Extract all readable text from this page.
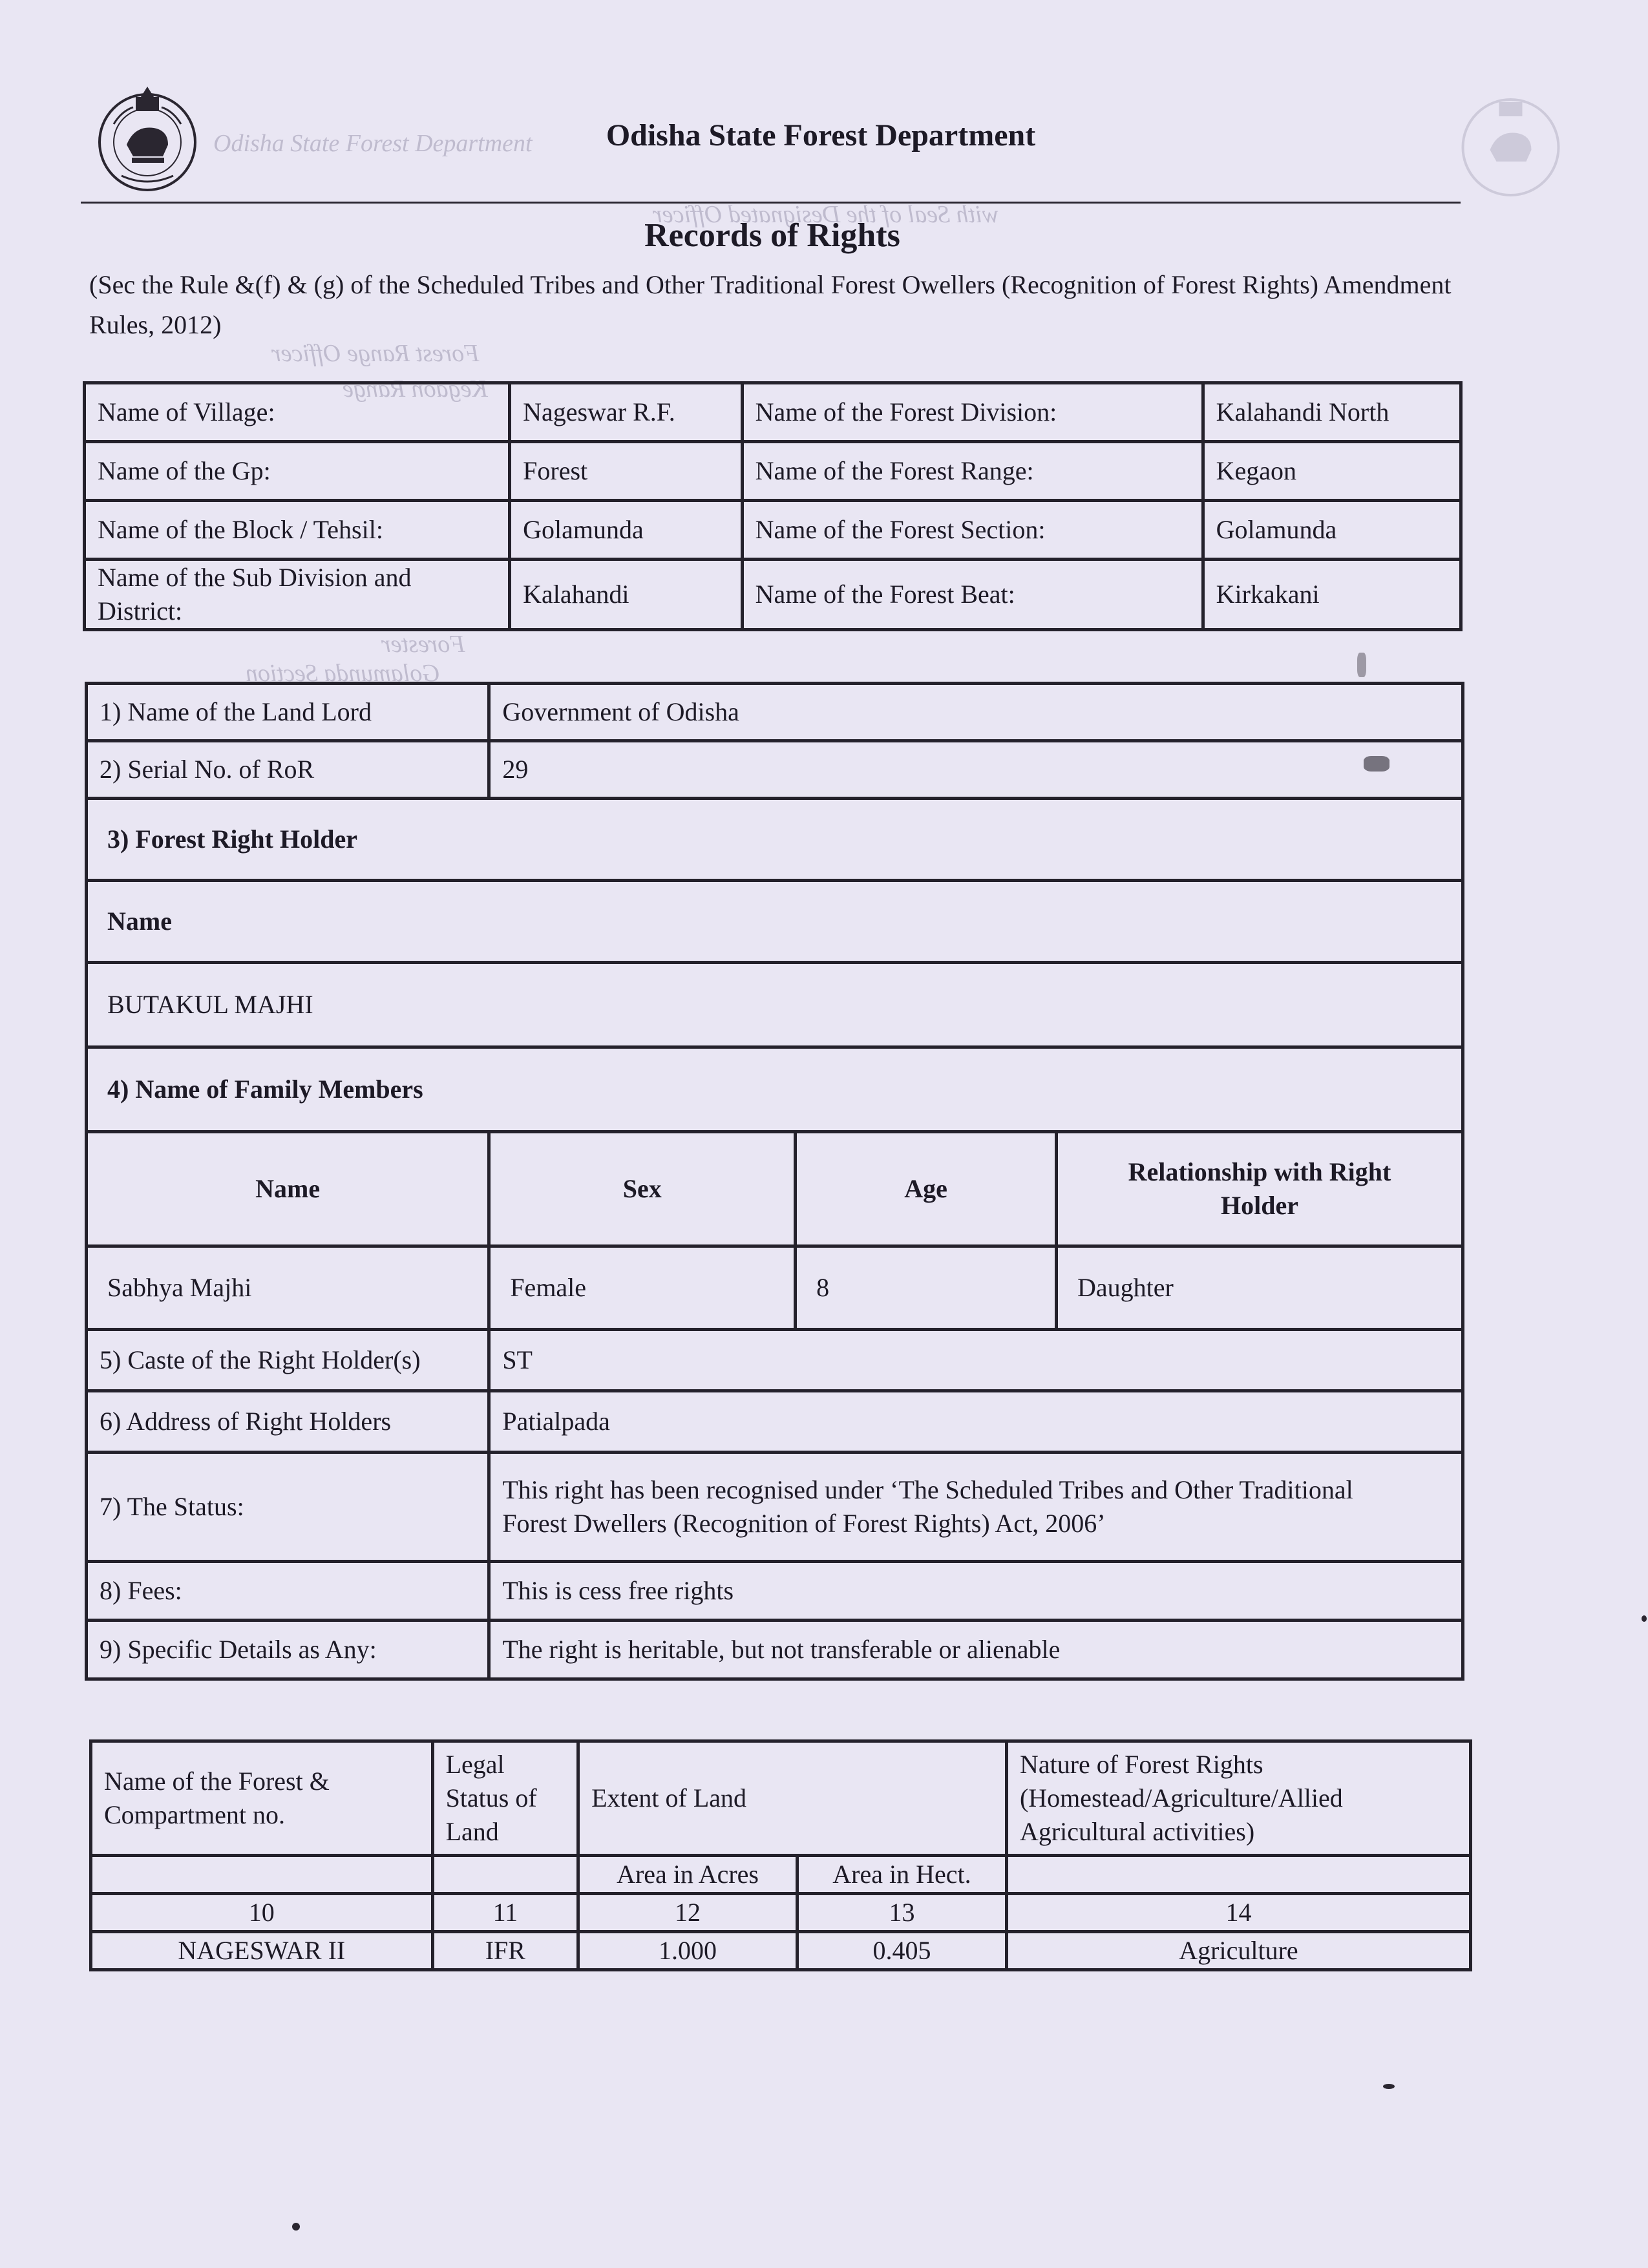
Odisha State Forest Department
with Seal of the Designated Officer
Forest Range Officer
Kegaon Range
Forester
Golamunda Section
Odisha State Forest Department
Records of Rights
(Sec the Rule &(f) & (g) of the Scheduled Tribes and Other Traditional Forest Owellers (Recognition of Forest Rights) Amendment Rules, 2012)
Name of Village:	Nageswar R.F.	Name of the Forest Division:	Kalahandi North
Name of the Gp:	Forest	Name of the Forest Range:	Kegaon
Name of the Block / Tehsil:	Golamunda	Name of the Forest Section:	Golamunda
Name of the Sub Division and District:	Kalahandi	Name of the Forest Beat:	Kirkakani
1) Name of the Land Lord	Government of Odisha		
2) Serial No. of RoR	29		
3) Forest Right Holder			
Name			
BUTAKUL MAJHI			
4) Name of Family Members			
Name	Sex	Age	Relationship with Right Holder
Sabhya Majhi	Female	8	Daughter
5) Caste of the Right Holder(s)	ST		
6) Address of Right Holders	Patialpada		
7) The Status:	This right has been recognised under ‘The Scheduled Tribes and Other Traditional Forest Dwellers (Recognition of Forest Rights) Act, 2006’		
8) Fees:	This is cess free rights		
9) Specific Details as Any:	The right is heritable, but not transferable or alienable		
Name of the Forest & Compartment no.	Legal Status of Land	Extent of Land		Nature of Forest Rights (Homestead/Agriculture/Allied Agricultural activities)
		Area in Acres	Area in Hect.	
10	11	12	13	14
NAGESWAR II	IFR	1.000	0.405	Agriculture
